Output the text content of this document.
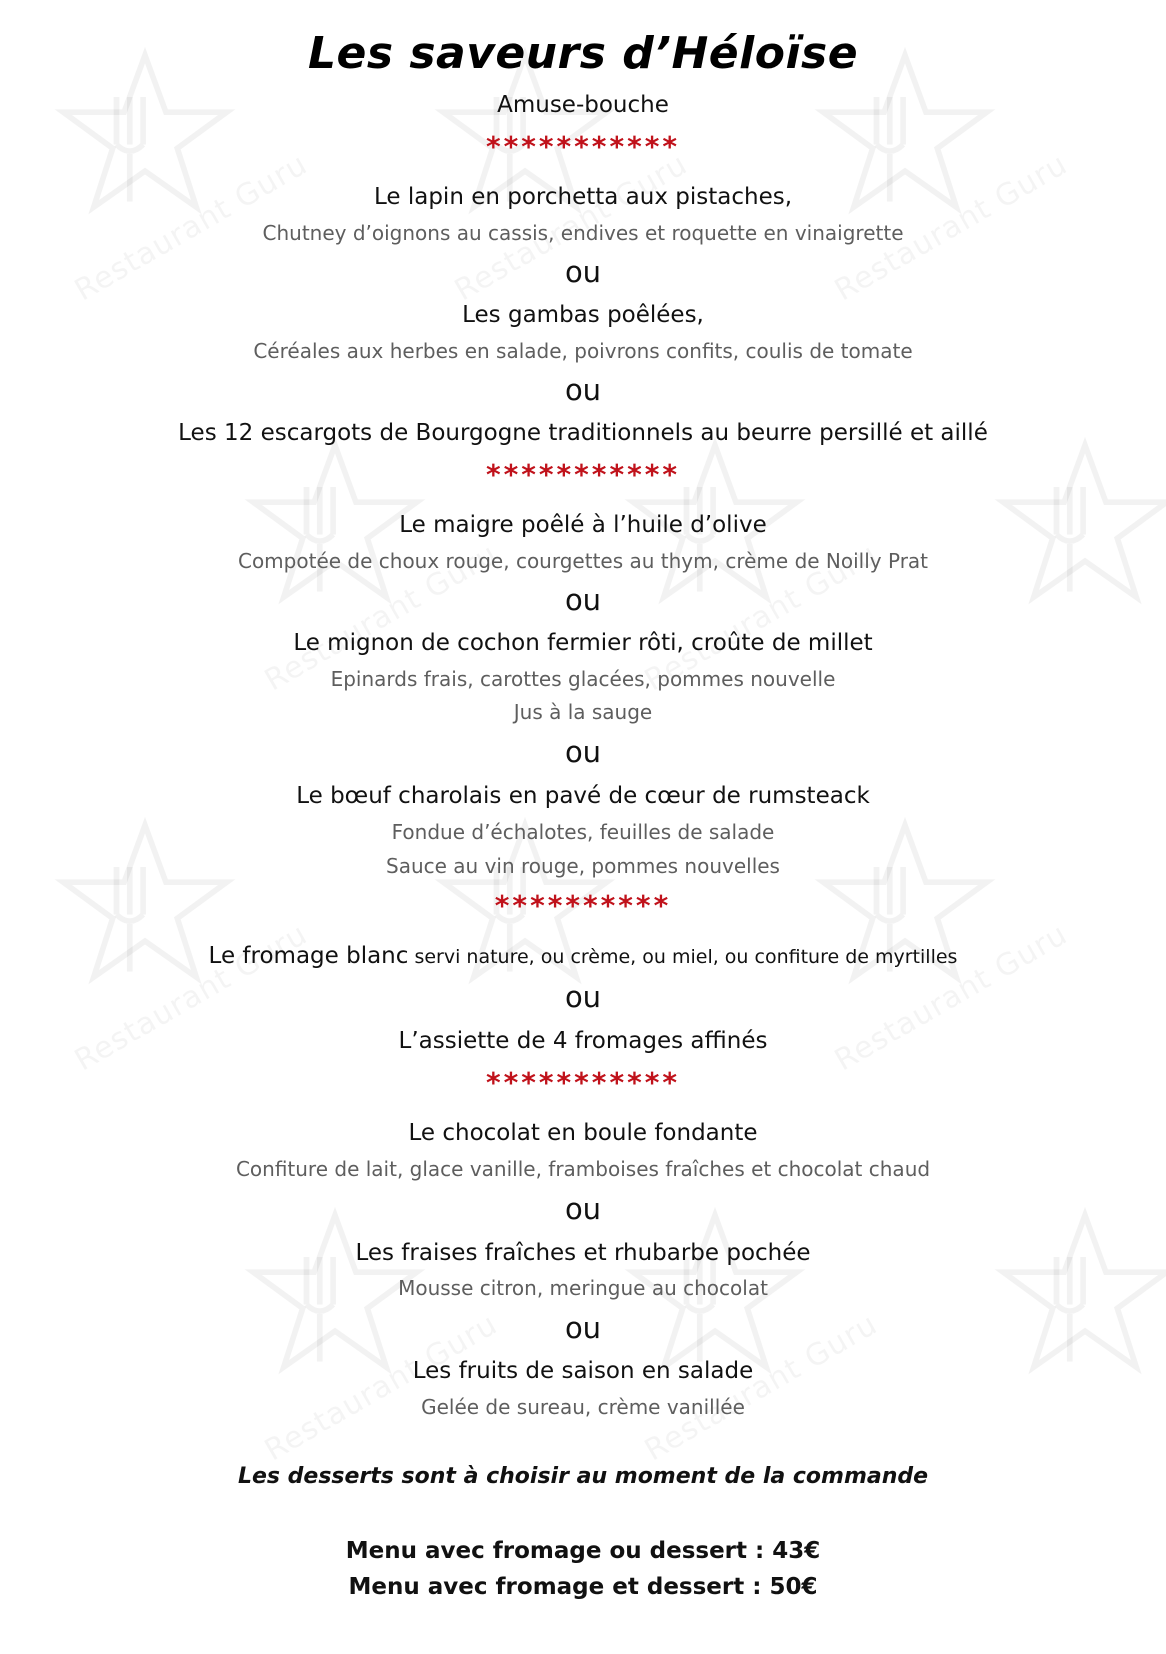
Les saveurs d’Héloïse
Amuse-bouche
***********
Le lapin en porchetta aux pistaches,
Chutney d’oignons au cassis, endives et roquette en vinaigrette
ou
Les gambas poêlées,
Céréales aux herbes en salade, poivrons confits, coulis de tomate
ou
Les 12 escargots de Bourgogne traditionnels au beurre persillé et aillé
***********
Le maigre poêlé à l’huile d’olive
Compotée de choux rouge, courgettes au thym, crème de Noilly Prat
ou
Le mignon de cochon fermier rôti, croûte de millet
Epinards frais, carottes glacées, pommes nouvelle
Jus à la sauge
ou
Le bœuf charolais en pavé de cœur de rumsteack
Fondue d’échalotes, feuilles de salade
Sauce au vin rouge, pommes nouvelles
**********
Le fromage blanc servi nature, ou crème, ou miel, ou confiture de myrtilles
ou
L’assiette de 4 fromages affinés
***********
Le chocolat en boule fondante
Confiture de lait, glace vanille, framboises fraîches et chocolat chaud
ou
Les fraises fraîches et rhubarbe pochée
Mousse citron, meringue au chocolat
ou
Les fruits de saison en salade
Gelée de sureau, crème vanillée
Les desserts sont à choisir au moment de la commande
Menu avec fromage ou dessert : 43€
Menu avec fromage et dessert : 50€
